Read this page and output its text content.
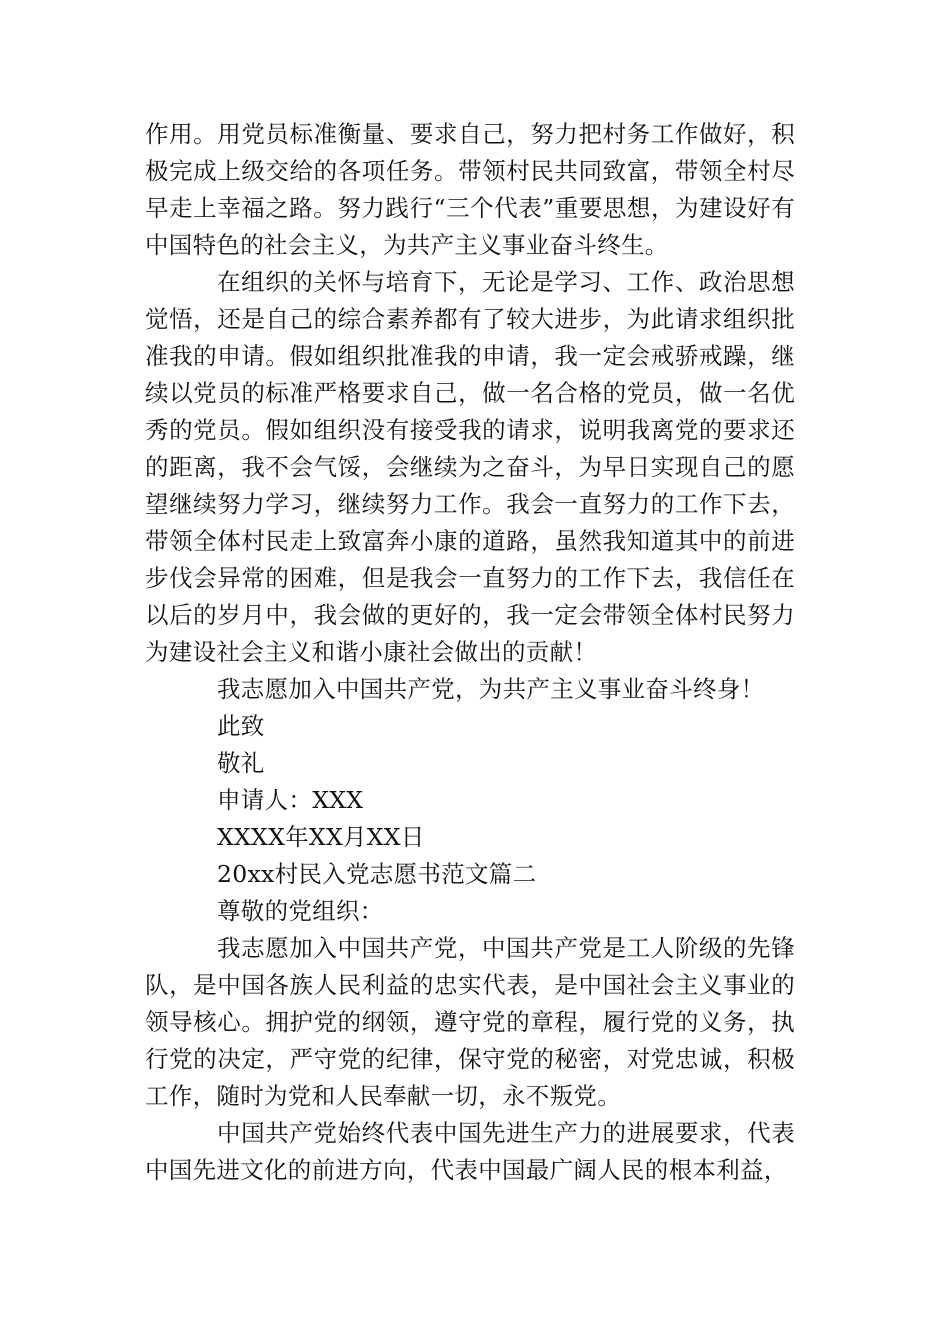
作用。用党员标准衡量、要求自己，努力把村务工作做好，积极完成上级交给的各项任务。带领村民共同致富，带领全村尽早走上幸福之路。努力践行“三个代表”重要思想，为建设好有中国特色的社会主义，为共产主义事业奋斗终生。

在组织的关怀与培育下，无论是学习、工作、政治思想觉悟，还是自己的综合素养都有了较大进步，为此请求组织批准我的申请。假如组织批准我的申请，我一定会戒骄戒躁，继续以党员的标准严格要求自己，做一名合格的党员，做一名优秀的党员。假如组织没有接受我的请求，说明我离党的要求还的距离，我不会气馁，会继续为之奋斗，为早日实现自己的愿望继续努力学习，继续努力工作。我会一直努力的工作下去，带领全体村民走上致富奔小康的道路，虽然我知道其中的前进步伐会异常的困难，但是我会一直努力的工作下去，我信任在以后的岁月中，我会做的更好的，我一定会带领全体村民努力为建设社会主义和谐小康社会做出的贡献！

我志愿加入中国共产党，为共产主义事业奋斗终身！

此致

敬礼

申请人：XXX

XXXX年XX月XX日

20xx村民入党志愿书范文篇二

尊敬的党组织：

我志愿加入中国共产党，中国共产党是工人阶级的先锋队，是中国各族人民利益的忠实代表，是中国社会主义事业的领导核心。拥护党的纲领，遵守党的章程，履行党的义务，执行党的决定，严守党的纪律，保守党的秘密，对党忠诚，积极工作，随时为党和人民奉献一切，永不叛党。

中国共产党始终代表中国先进生产力的进展要求，代表中国先进文化的前进方向，代表中国最广阔人民的根本利益，
